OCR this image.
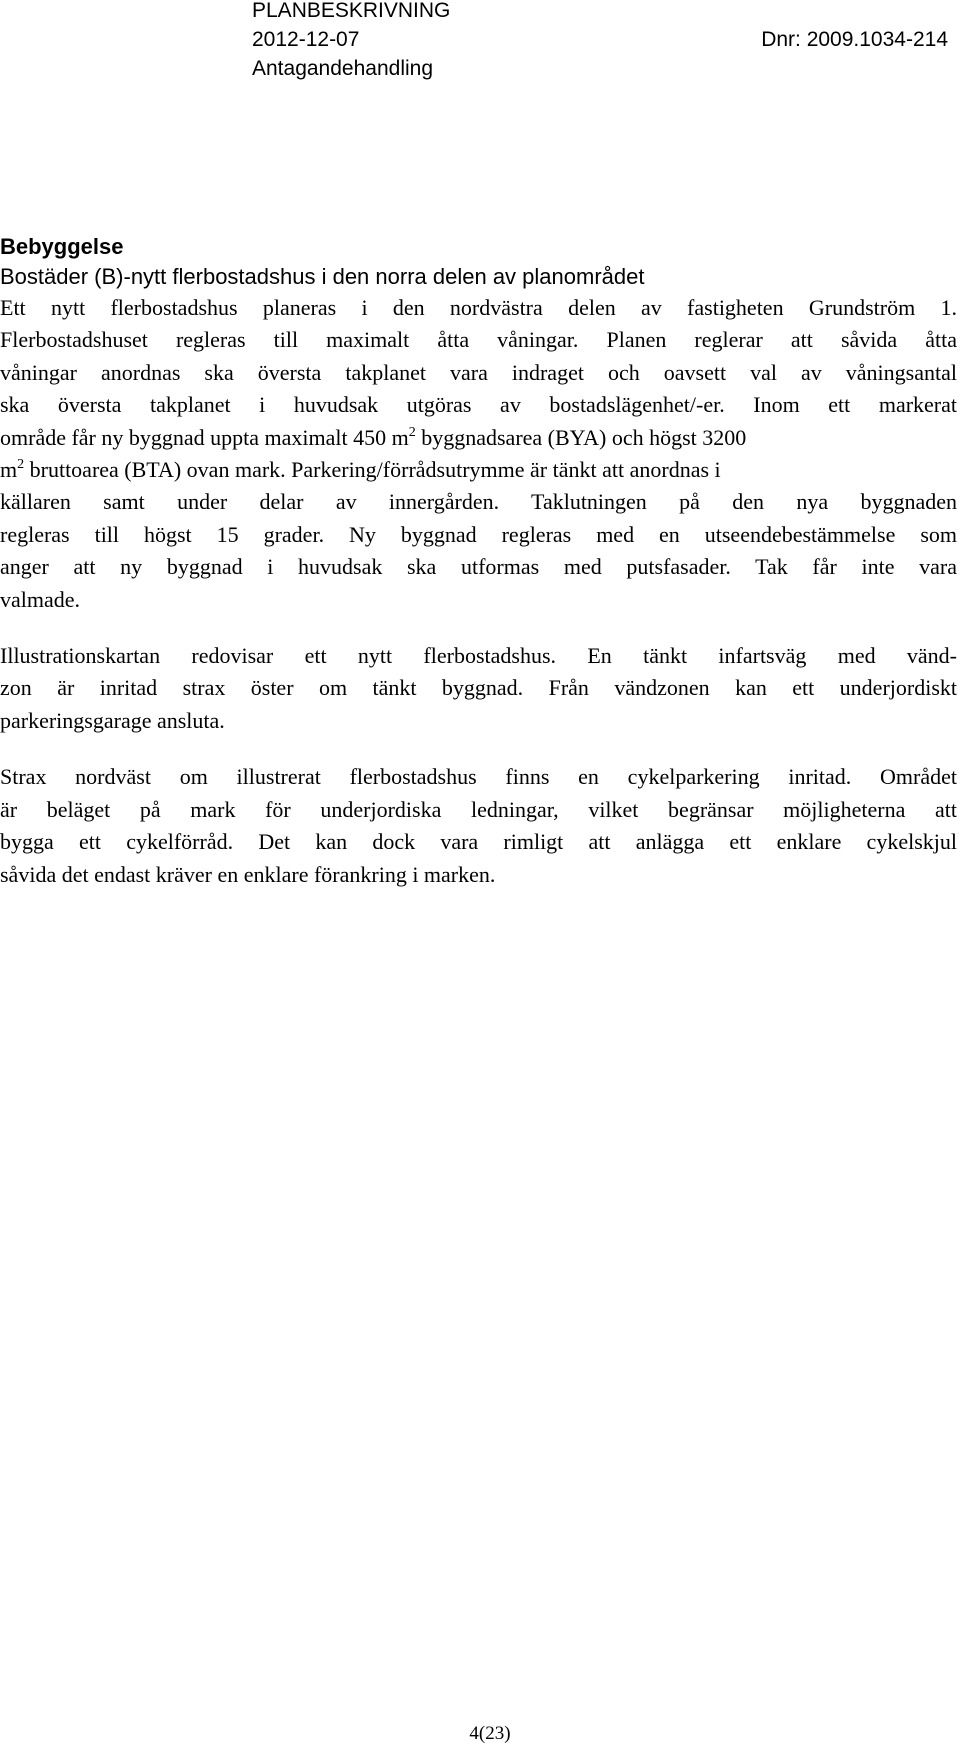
PLANBESKRIVNING
2012-12-07	Dnr: 2009.1034-214
Antagandehandling
Bebyggelse
Bostäder (B)-nytt flerbostadshus i den norra delen av planområdet

Ett nytt flerbostadshus planeras i den nordvästra delen av fastigheten Grundström 1.
Flerbostadshuset regleras till maximalt åtta våningar. Planen reglerar att såvida åtta
våningar anordnas ska översta takplanet vara indraget och oavsett val av våningsantal
ska översta takplanet i huvudsak utgöras av bostadslägenhet/-er. Inom ett markerat
område får ny byggnad uppta maximalt 450 $m^2$ byggnadsarea (BYA) och högst 3200
$m^2$ bruttoarea (BTA) ovan mark. Parkering/förrådsutrymme är tänkt att anordnas i
källaren samt under delar av innergården. Taklutningen på den nya byggnaden
regleras till högst 15 grader. Ny byggnad regleras med en utseendebestämmelse som
anger att ny byggnad i huvudsak ska utformas med putsfasader. Tak får inte vara
valmade.

Illustrationskartan redovisar ett nytt flerbostadshus. En tänkt infartsväg med vänd-
zon är inritad strax öster om tänkt byggnad. Från vändzonen kan ett underjordiskt
parkeringsgarage ansluta.

Strax nordväst om illustrerat flerbostadshus finns en cykelparkering inritad. Området
är beläget på mark för underjordiska ledningar, vilket begränsar möjligheterna att
bygga ett cykelförråd. Det kan dock vara rimligt att anlägga ett enklare cykelskjul
såvida det endast kräver en enklare förankring i marken.

4(23)
